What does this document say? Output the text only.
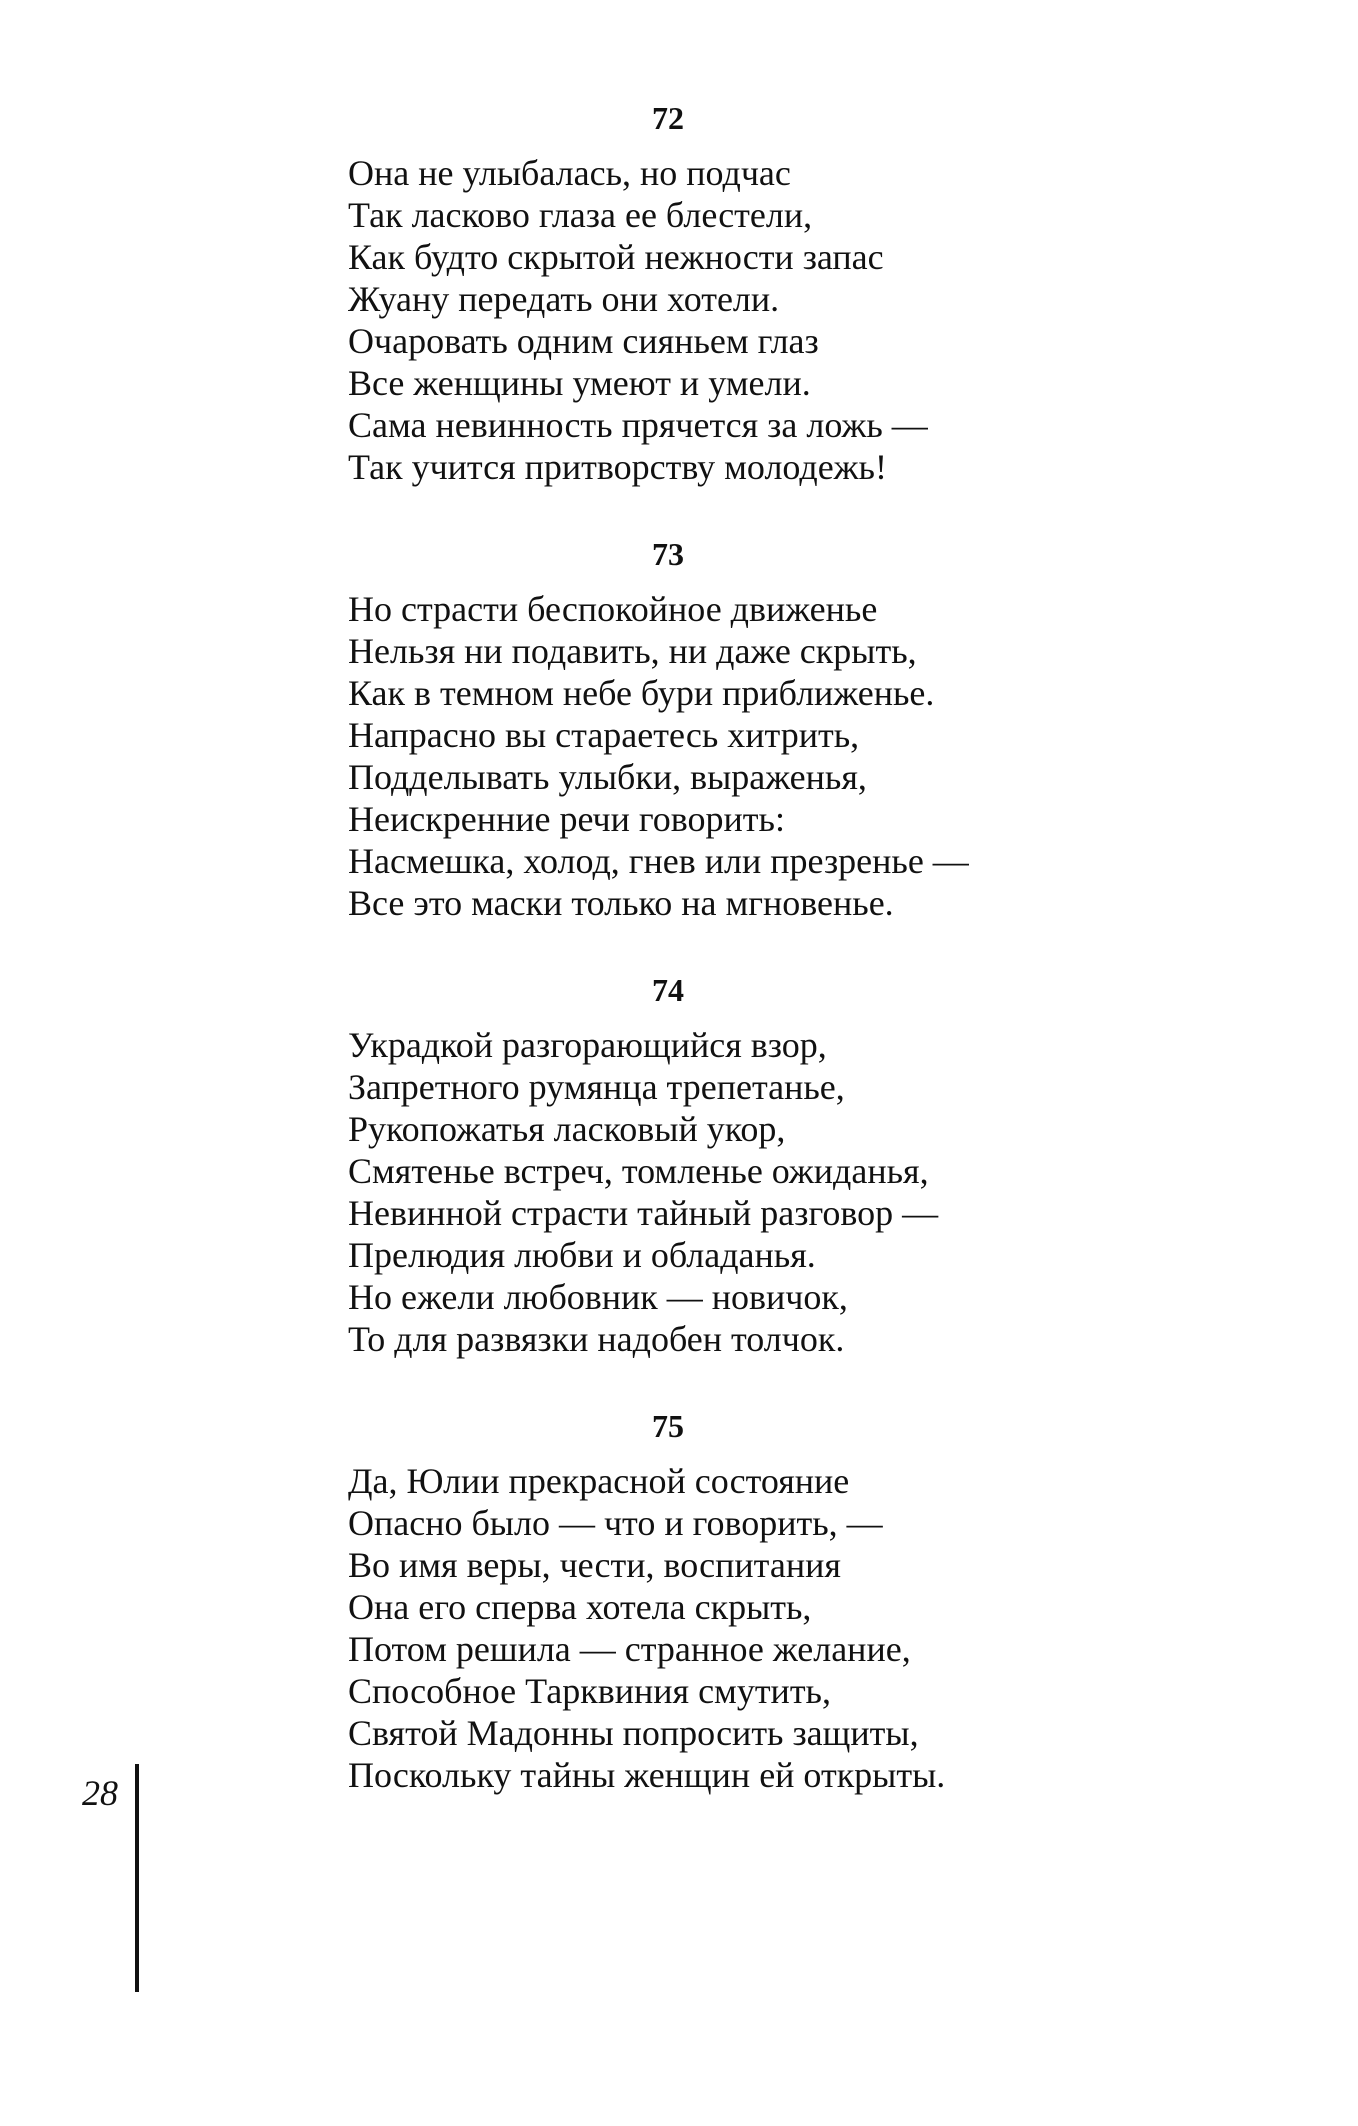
72
Она не улыбалась, но подчас
Так ласково глаза ее блестели,
Как будто скрытой нежности запас
Жуану передать они хотели.
Очаровать одним сияньем глаз
Все женщины умеют и умели.
Сама невинность прячется за ложь —
Так учится притворству молодежь!
73
Но страсти беспокойное движенье
Нельзя ни подавить, ни даже скрыть,
Как в темном небе бури приближенье.
Напрасно вы стараетесь хитрить,
Подделывать улыбки, выраженья,
Неискренние речи говорить:
Насмешка, холод, гнев или презренье —
Все это маски только на мгновенье.
74
Украдкой разгорающийся взор,
Запретного румянца трепетанье,
Рукопожатья ласковый укор,
Смятенье встреч, томленье ожиданья,
Невинной страсти тайный разговор —
Прелюдия любви и обладанья.
Но ежели любовник — новичок,
То для развязки надобен толчок.
75
Да, Юлии прекрасной состояние
Опасно было — что и говорить, —
Во имя веры, чести, воспитания
Она его сперва хотела скрыть,
Потом решила — странное желание,
Способное Тарквиния смутить,
Святой Мадонны попросить защиты,
Поскольку тайны женщин ей открыты.
28
